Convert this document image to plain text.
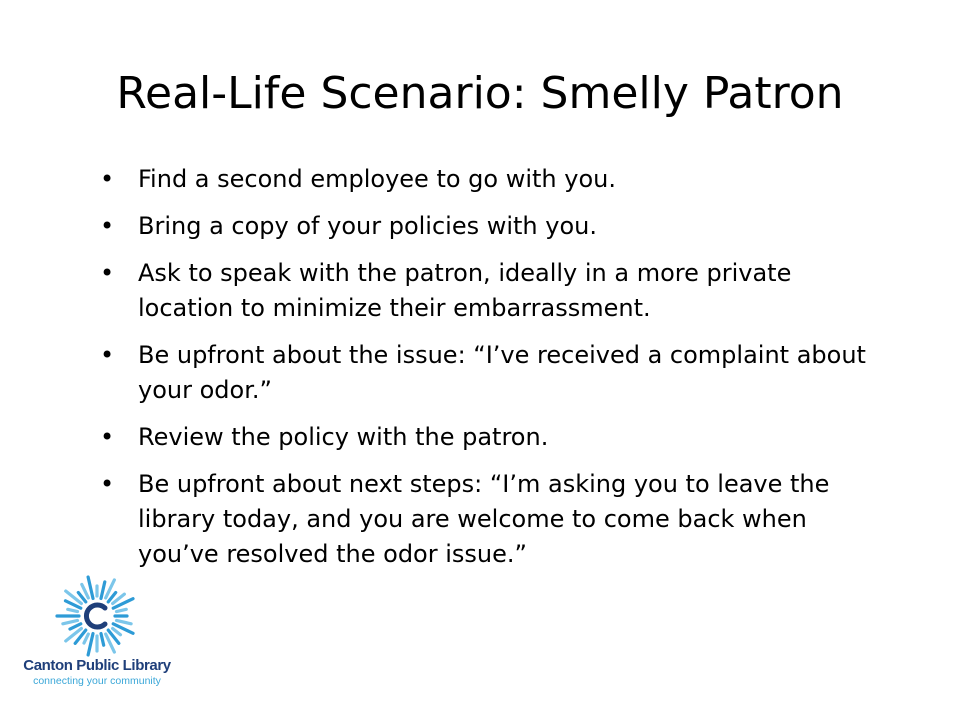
Real-Life Scenario: Smelly Patron
• Find a second employee to go with you.
• Bring a copy of your policies with you.
• Ask to speak with the patron, ideally in a more private location to minimize their embarrassment.
• Be upfront about the issue: “I’ve received a complaint about your odor.”
• Review the policy with the patron.
• Be upfront about next steps: “I’m asking you to leave the library today, and you are welcome to come back when you’ve resolved the odor issue.”
Canton Public Library
connecting your community
